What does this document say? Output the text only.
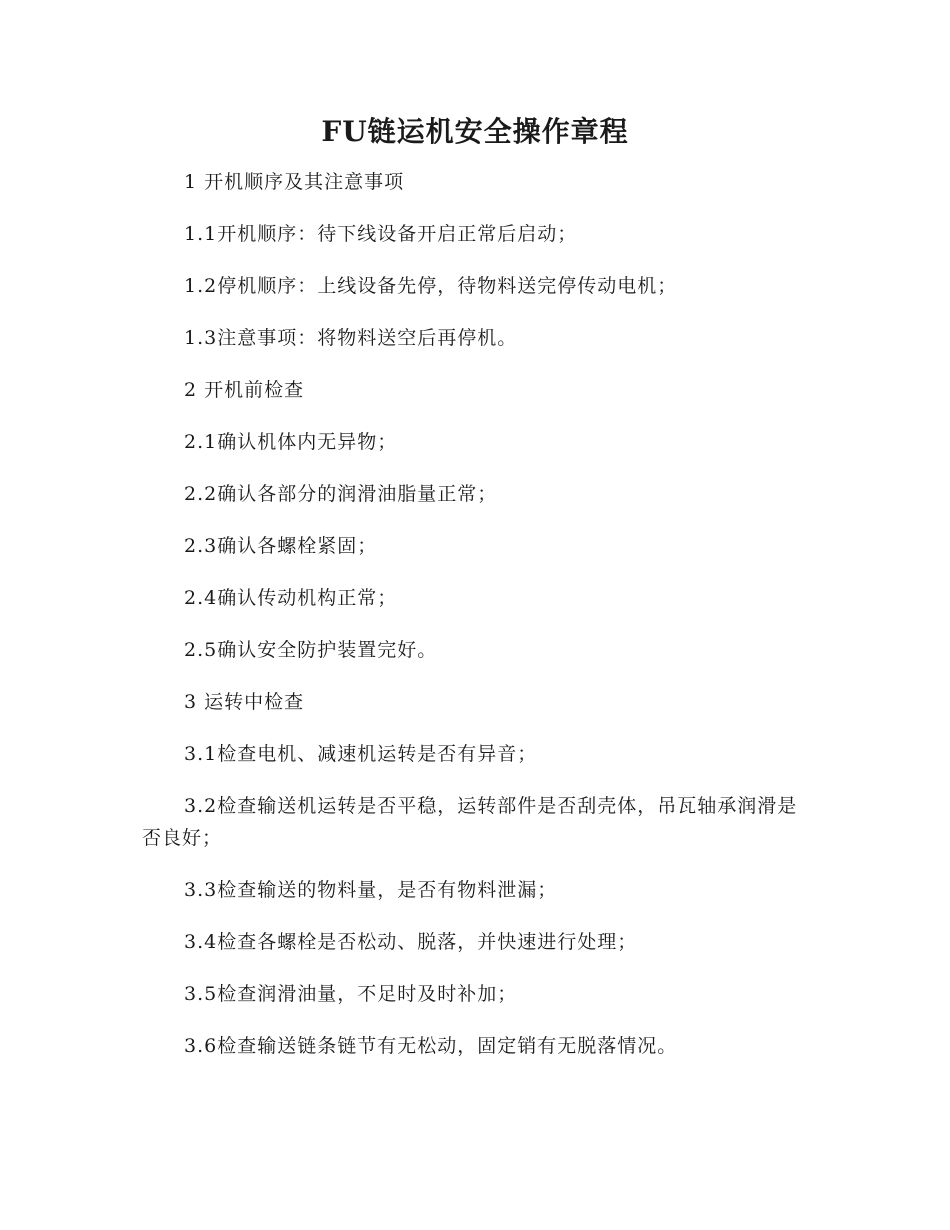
FU链运机安全操作章程

1 开机顺序及其注意事项

1.1开机顺序：待下线设备开启正常后启动；

1.2停机顺序：上线设备先停，待物料送完停传动电机；

1.3注意事项：将物料送空后再停机。

2 开机前检查

2.1确认机体内无异物；

2.2确认各部分的润滑油脂量正常；

2.3确认各螺栓紧固；

2.4确认传动机构正常；

2.5确认安全防护装置完好。

3 运转中检查

3.1检查电机、减速机运转是否有异音；

3.2检查输送机运转是否平稳，运转部件是否刮壳体，吊瓦轴承润滑是否良好；

3.3检查输送的物料量，是否有物料泄漏；

3.4检查各螺栓是否松动、脱落，并快速进行处理；

3.5检查润滑油量，不足时及时补加；

3.6检查输送链条链节有无松动，固定销有无脱落情况。
